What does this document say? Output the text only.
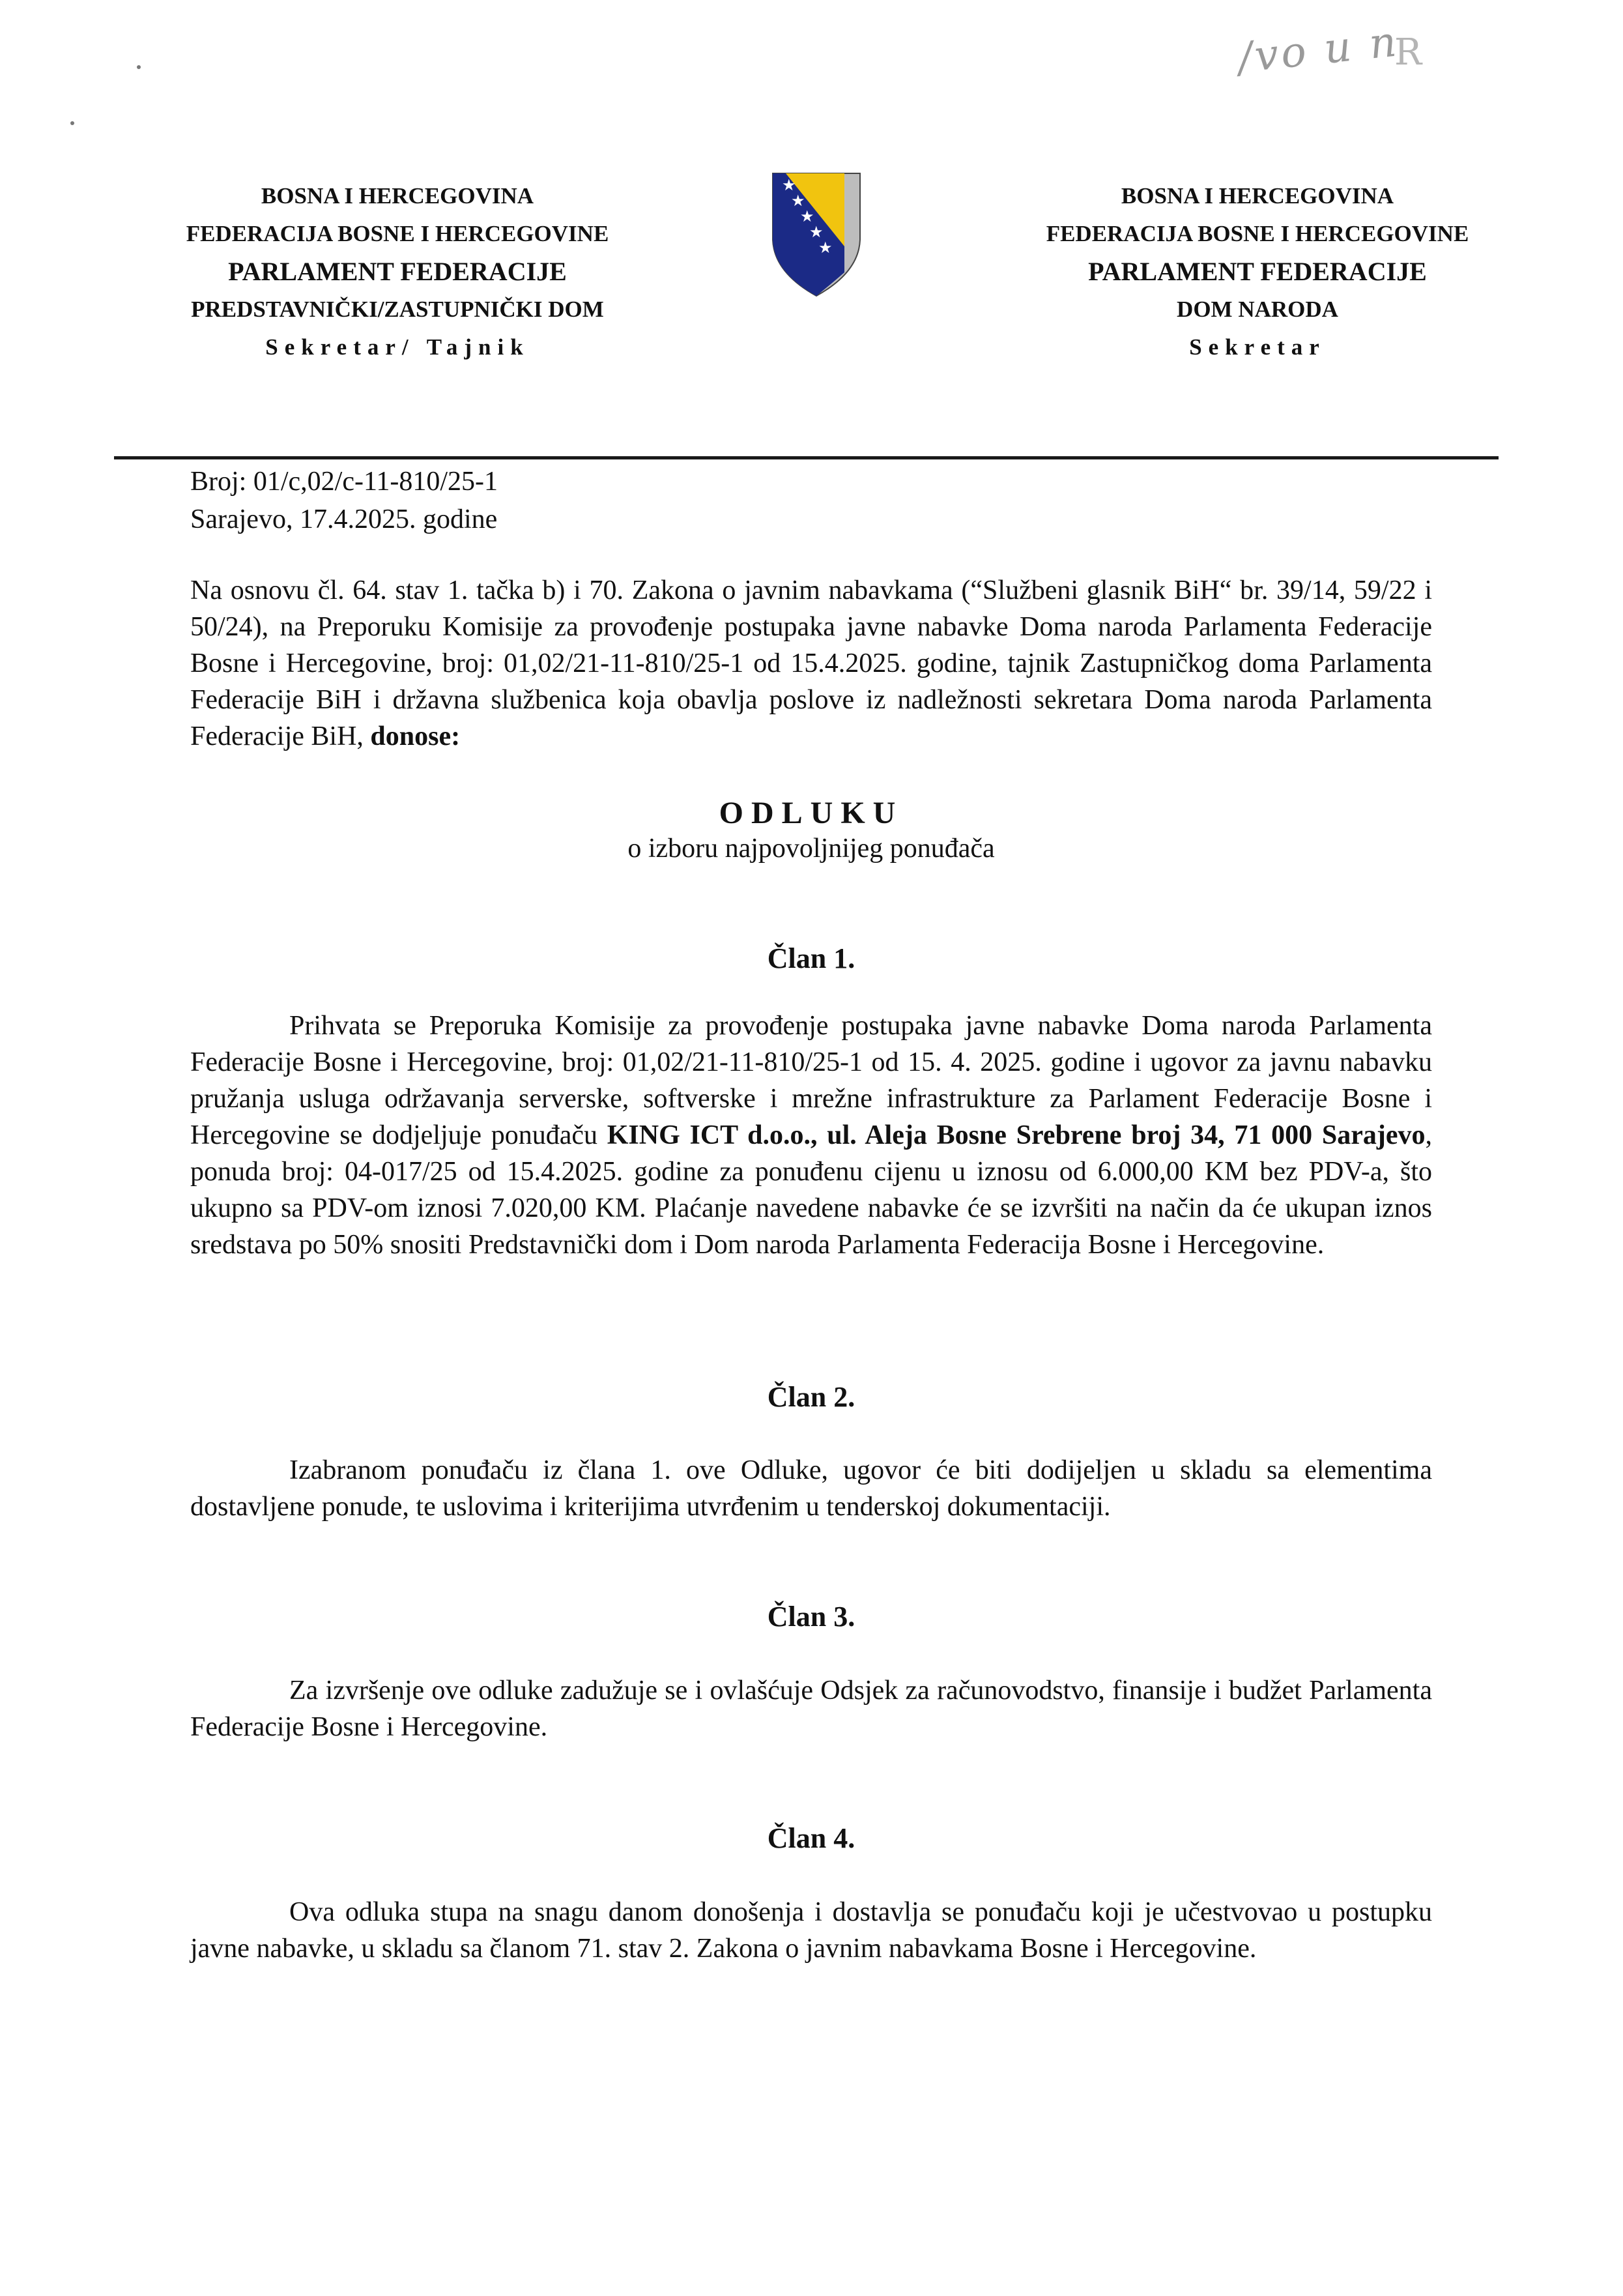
/vo u n
R
BOSNA I HERCEGOVINA
FEDERACIJA BOSNE I HERCEGOVINE
PARLAMENT FEDERACIJE
PREDSTAVNIČKI/ZASTUPNIČKI DOM
Sekretar/ Tajnik
★
★
★
★
★
BOSNA I HERCEGOVINA
FEDERACIJA BOSNE I HERCEGOVINE
PARLAMENT FEDERACIJE
DOM NARODA
Sekretar
Broj: 01/c,02/c-11-810/25-1
Sarajevo, 17.4.2025. godine
Na osnovu čl. 64. stav 1. tačka b) i 70. Zakona o javnim nabavkama (“Službeni glasnik BiH“ br. 39/14, 59/22 i 50/24), na Preporuku Komisije za provođenje postupaka javne nabavke Doma naroda Parlamenta Federacije Bosne i Hercegovine, broj: 01,02/21-11-810/25-1 od 15.4.2025. godine, tajnik Zastupničkog doma Parlamenta Federacije BiH i državna službenica koja obavlja poslove iz nadležnosti sekretara Doma naroda Parlamenta Federacije BiH, donose:
ODLUKU
o izboru najpovoljnijeg ponuđača
Član 1.
Prihvata se Preporuka Komisije za provođenje postupaka javne nabavke Doma naroda Parlamenta Federacije Bosne i Hercegovine, broj: 01,02/21-11-810/25-1 od 15. 4. 2025. godine i ugovor za javnu nabavku pružanja usluga održavanja serverske, softverske i mrežne infrastrukture za Parlament Federacije Bosne i Hercegovine se dodjeljuje ponuđaču KING ICT d.o.o., ul. Aleja Bosne Srebrene broj 34, 71 000 Sarajevo, ponuda broj: 04-017/25 od 15.4.2025. godine za ponuđenu cijenu u iznosu od 6.000,00 KM bez PDV-a, što ukupno sa PDV-om iznosi 7.020,00 KM. Plaćanje navedene nabavke će se izvršiti na način da će ukupan iznos sredstava po 50% snositi Predstavnički dom i Dom naroda Parlamenta Federacija Bosne i Hercegovine.
Član 2.
Izabranom ponuđaču iz člana 1. ove Odluke, ugovor će biti dodijeljen u skladu sa elementima dostavljene ponude, te uslovima i kriterijima utvrđenim u tenderskoj dokumentaciji.
Član 3.
Za izvršenje ove odluke zadužuje se i ovlašćuje Odsjek za računovodstvo, finansije i budžet Parlamenta Federacije Bosne i Hercegovine.
Član 4.
Ova odluka stupa na snagu danom donošenja i dostavlja se ponuđaču koji je učestvovao u postupku javne nabavke, u skladu sa članom 71. stav 2. Zakona o javnim nabavkama Bosne i Hercegovine.
